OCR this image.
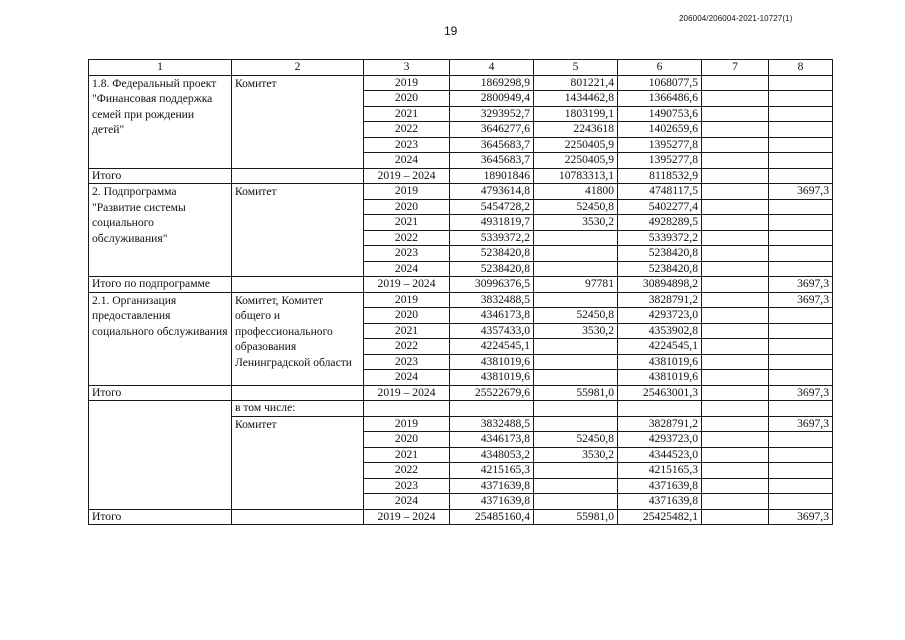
19
206004/206004-2021-10727(1)
1	2	3	4	5	6	7	8
1.8. Федеральный проект "Финансовая поддержка семей при рождении детей"	Комитет	2019	1869298,9	801221,4	1068077,5		
		2020	2800949,4	1434462,8	1366486,6		
		2021	3293952,7	1803199,1	1490753,6		
		2022	3646277,6	2243618	1402659,6		
		2023	3645683,7	2250405,9	1395277,8		
		2024	3645683,7	2250405,9	1395277,8		
Итого		2019 – 2024	18901846	10783313,1	8118532,9		
2. Подпрограмма "Развитие системы социального обслуживания"	Комитет	2019	4793614,8	41800	4748117,5		3697,3
		2020	5454728,2	52450,8	5402277,4		
		2021	4931819,7	3530,2	4928289,5		
		2022	5339372,2		5339372,2		
		2023	5238420,8		5238420,8		
		2024	5238420,8		5238420,8		
Итого по подпрограмме		2019 – 2024	30996376,5	97781	30894898,2		3697,3
2.1. Организация предоставления социального обслуживания	Комитет, Комитет общего и профессионального образования Ленинградской области	2019	3832488,5		3828791,2		3697,3
		2020	4346173,8	52450,8	4293723,0		
		2021	4357433,0	3530,2	4353902,8		
		2022	4224545,1		4224545,1		
		2023	4381019,6		4381019,6		
		2024	4381019,6		4381019,6		
Итого		2019 – 2024	25522679,6	55981,0	25463001,3		3697,3
	в том числе:						
	Комитет	2019	3832488,5		3828791,2		3697,3
		2020	4346173,8	52450,8	4293723,0		
		2021	4348053,2	3530,2	4344523,0		
		2022	4215165,3		4215165,3		
		2023	4371639,8		4371639,8		
		2024	4371639,8		4371639,8		
Итого		2019 – 2024	25485160,4	55981,0	25425482,1		3697,3
